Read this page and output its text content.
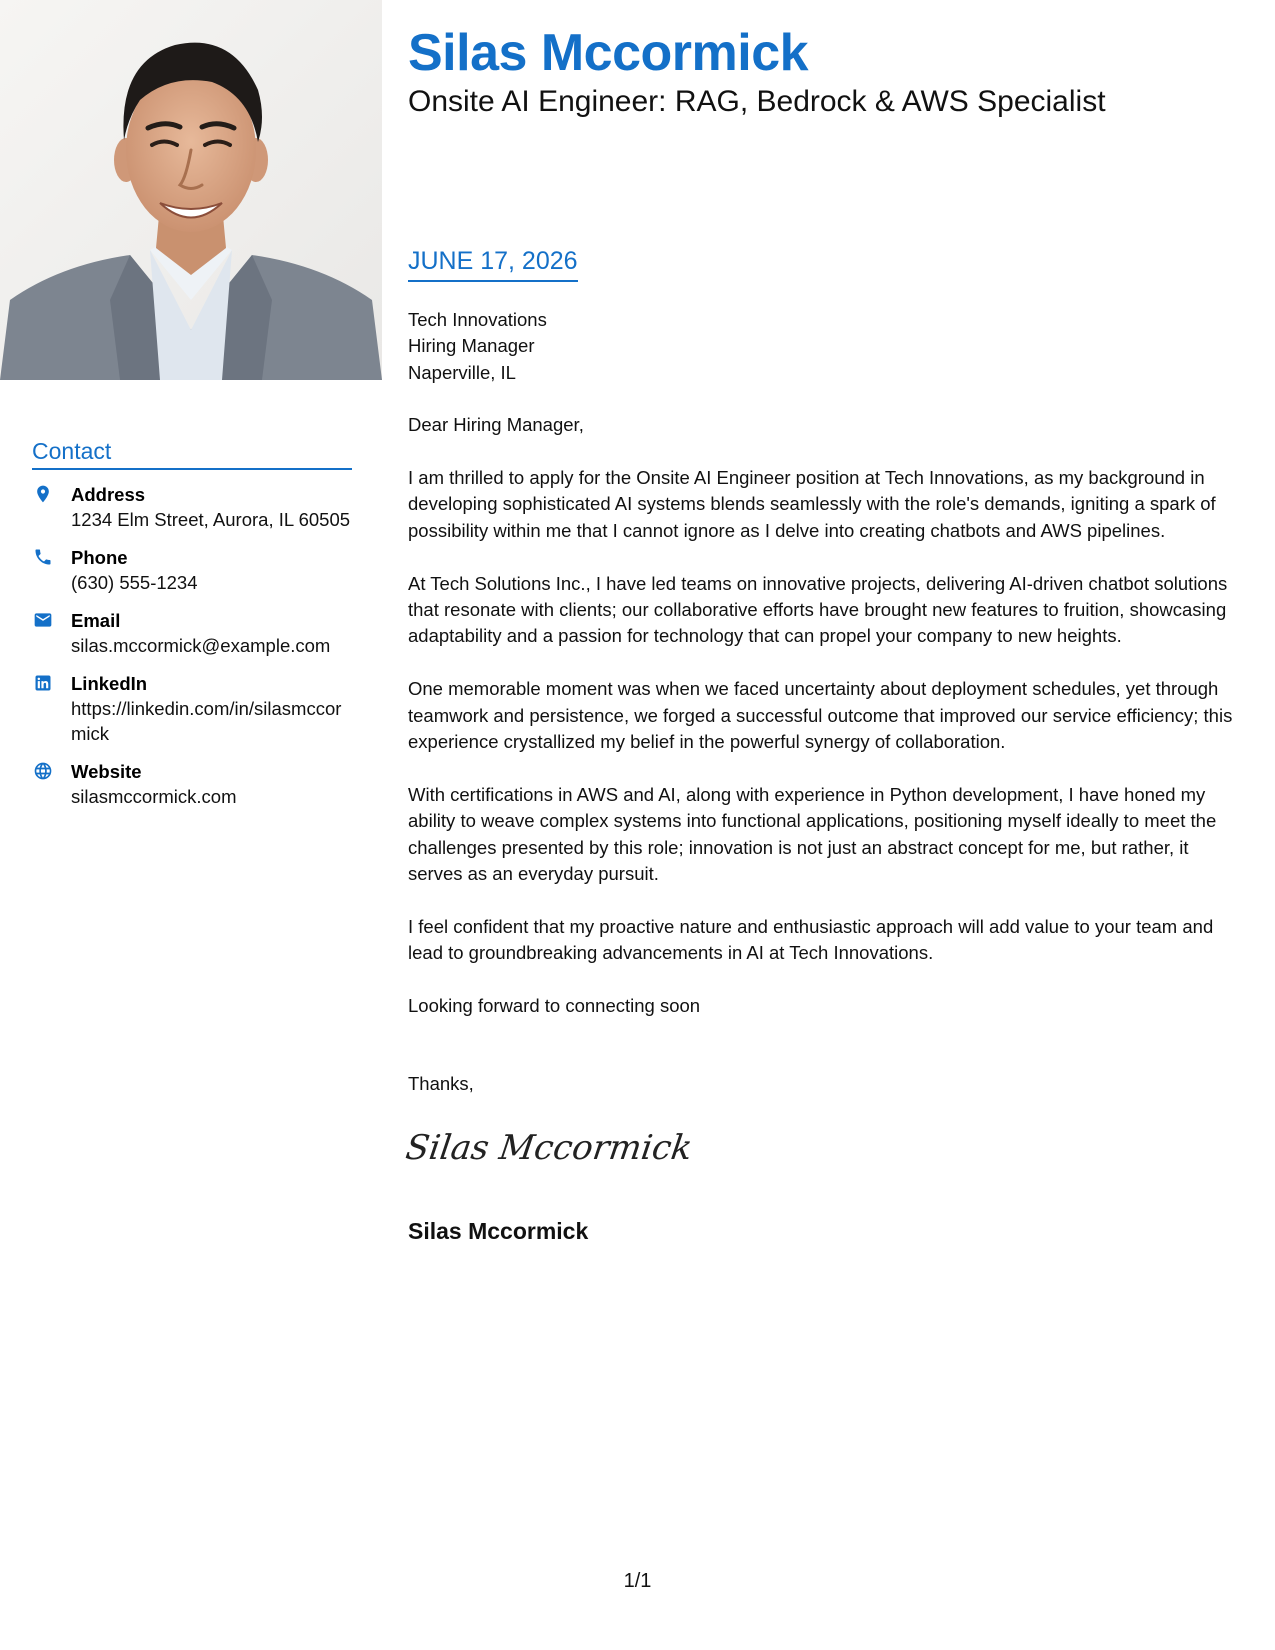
Silas Mccormick
Onsite AI Engineer: RAG, Bedrock & AWS Specialist
Contact
Address
1234 Elm Street, Aurora, IL 60505
Phone
(630) 555-1234
Email
silas.mccormick@example.com
LinkedIn
https://linkedin.com/in/silasmccormick
Website
silasmccormick.com
JUNE 17, 2026
Tech Innovations
Hiring Manager
Naperville, IL
Dear Hiring Manager,
I am thrilled to apply for the Onsite AI Engineer position at Tech Innovations, as my background in developing sophisticated AI systems blends seamlessly with the role's demands, igniting a spark of possibility within me that I cannot ignore as I delve into creating chatbots and AWS pipelines.
At Tech Solutions Inc., I have led teams on innovative projects, delivering AI-driven chatbot solutions that resonate with clients; our collaborative efforts have brought new features to fruition, showcasing adaptability and a passion for technology that can propel your company to new heights.
One memorable moment was when we faced uncertainty about deployment schedules, yet through teamwork and persistence, we forged a successful outcome that improved our service efficiency; this experience crystallized my belief in the powerful synergy of collaboration.
With certifications in AWS and AI, along with experience in Python development, I have honed my ability to weave complex systems into functional applications, positioning myself ideally to meet the challenges presented by this role; innovation is not just an abstract concept for me, but rather, it serves as an everyday pursuit.
I feel confident that my proactive nature and enthusiastic approach will add value to your team and lead to groundbreaking advancements in AI at Tech Innovations.
Looking forward to connecting soon
Thanks,
Silas Mccormick
Silas Mccormick
1/1
